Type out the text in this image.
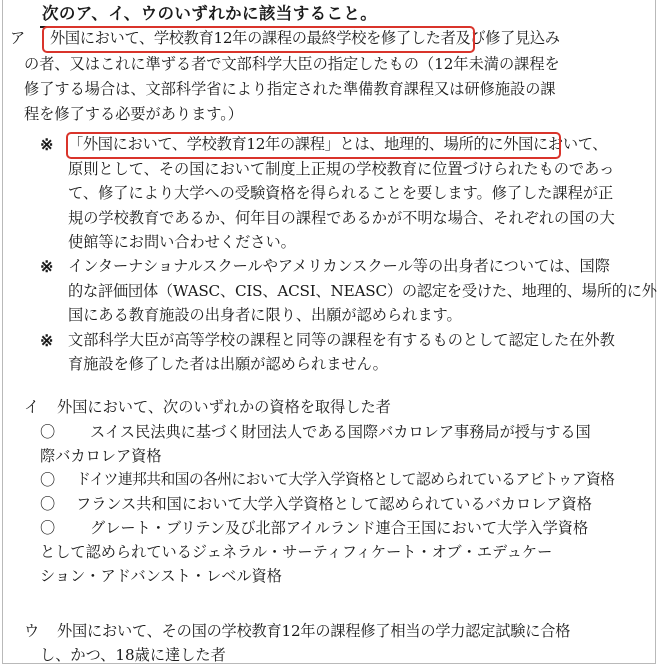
次のア、イ、ウのいずれかに該当すること。
ア 外国において、学校教育12年の課程の最終学校を修了した者及び修了見込み
の者、又はこれに準ずる者で文部科学大臣の指定したもの（12年未満の課程を
修了する場合は、文部科学省により指定された準備教育課程又は研修施設の課
程を修了する必要があります。）
※ 「外国において、学校教育12年の課程」とは、地理的、場所的に外国において、
原則として、その国において制度上正規の学校教育に位置づけられたものであっ
て、修了により大学への受験資格を得られることを要します。修了した課程が正
規の学校教育であるか、何年目の課程であるかが不明な場合、それぞれの国の大
使館等にお問い合わせください。
※ インターナショナルスクールやアメリカンスクール等の出身者については、国際
的な評価団体（WASC、CIS、ACSI、NEASC）の認定を受けた、地理的、場所的に外
国にある教育施設の出身者に限り、出願が認められます。
※ 文部科学大臣が高等学校の課程と同等の課程を有するものとして認定した在外教
育施設を修了した者は出願が認められません。
イ 外国において、次のいずれかの資格を取得した者
〇 スイス民法典に基づく財団法人である国際バカロレア事務局が授与する国
際バカロレア資格
〇 ドイツ連邦共和国の各州において大学入学資格として認められているアビトゥア資格
〇 フランス共和国において大学入学資格として認められているバカロレア資格
〇 グレート・ブリテン及び北部アイルランド連合王国において大学入学資格
として認められているジェネラル・サーティフィケート・オブ・エデュケー
ション・アドバンスト・レベル資格
ウ 外国において、その国の学校教育12年の課程修了相当の学力認定試験に合格
し、かつ、18歳に達した者
